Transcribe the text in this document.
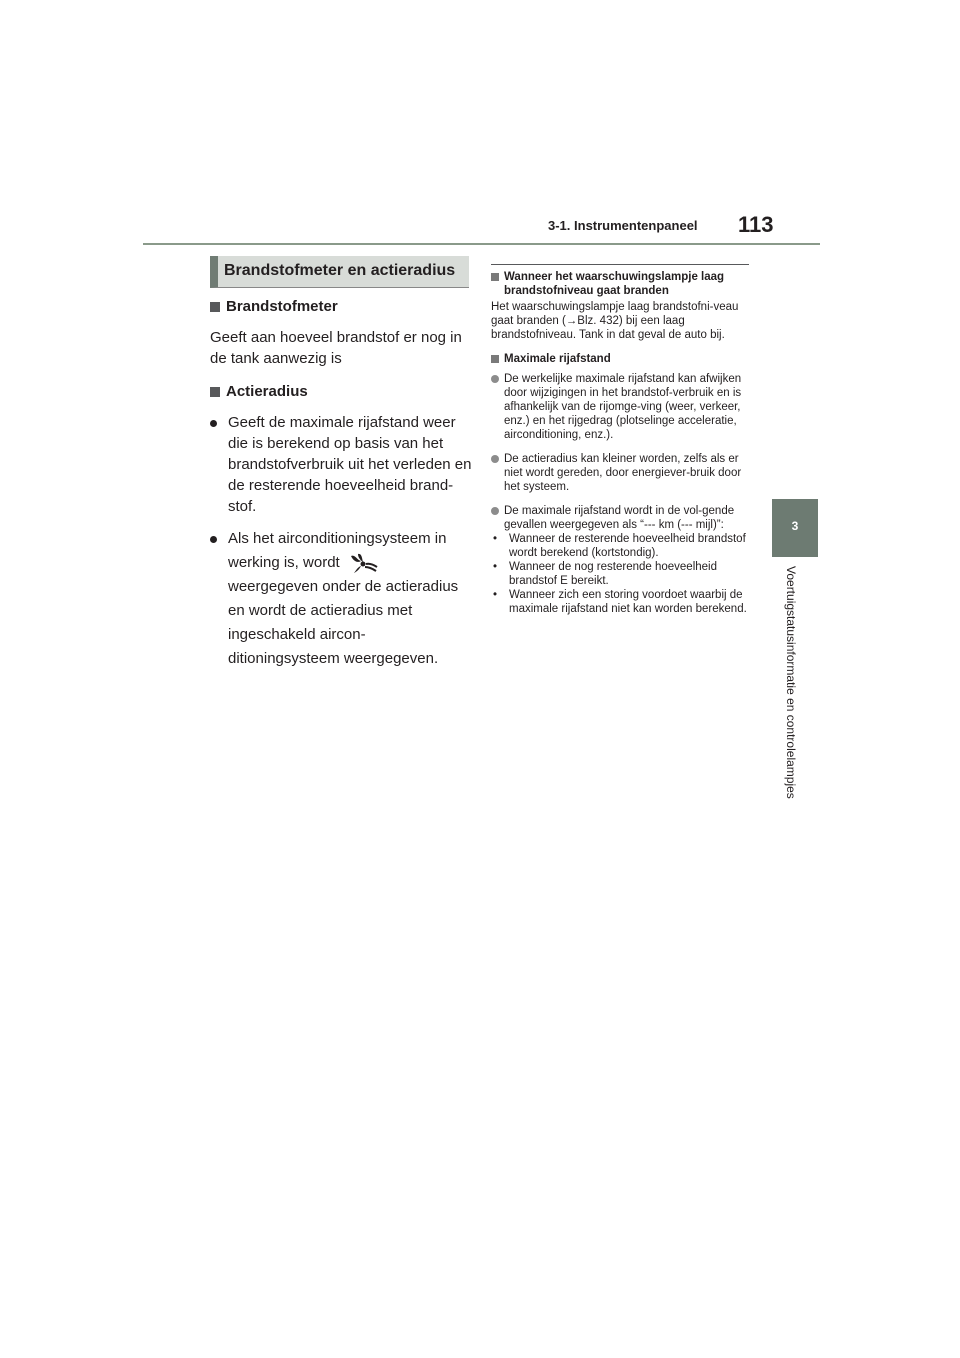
3-1. Instrumentenpaneel 113
3
Voertuigstatusinformatie en controlelampjes
Brandstofmeter en actieradius
Brandstofmeter
Geeft aan hoeveel brandstof er nog in de tank aanwezig is
Actieradius
Geeft de maximale rijafstand weer die is berekend op basis van het brandstofverbruik uit het verleden en de resterende hoeveelheid brand-stof.
Als het airconditioningsysteem in werking is, wordt  weergegeven onder de actieradius en wordt de actieradius met ingeschakeld aircon-ditioningsysteem weergegeven.
Wanneer het waarschuwingslampje laag brandstofniveau gaat branden
Het waarschuwingslampje laag brandstofni-veau gaat branden (→Blz. 432) bij een laag brandstofniveau. Tank in dat geval de auto bij.
Maximale rijafstand
De werkelijke maximale rijafstand kan afwijken door wijzigingen in het brandstof-verbruik en is afhankelijk van de rijomge-ving (weer, verkeer, enz.) en het rijgedrag (plotselinge acceleratie, airconditioning, enz.).
De actieradius kan kleiner worden, zelfs als er niet wordt gereden, door energiever-bruik door het systeem.
De maximale rijafstand wordt in de vol-gende gevallen weergegeven als “--- km (--- mijl)”:
•	Wanneer de resterende hoeveelheid brandstof wordt berekend (kortstondig).
•	Wanneer de nog resterende hoeveelheid brandstof E bereikt.
•	Wanneer zich een storing voordoet waarbij de maximale rijafstand niet kan worden berekend.
